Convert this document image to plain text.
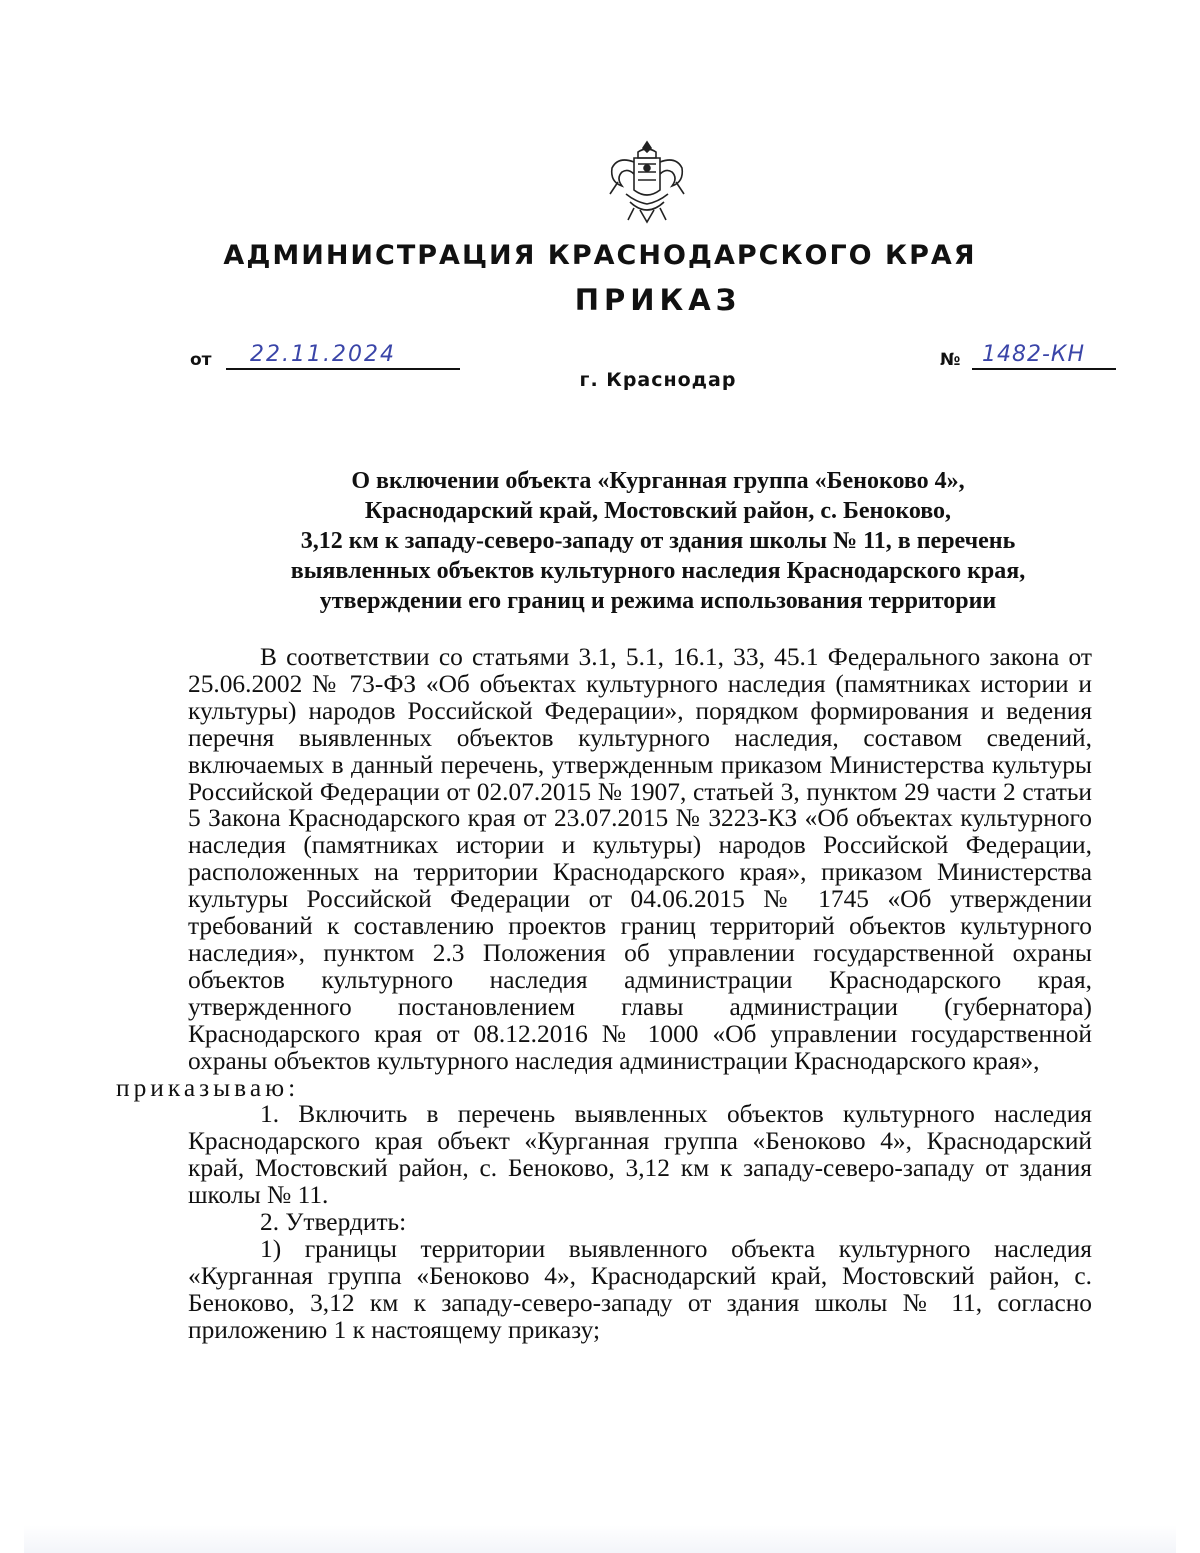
АДМИНИСТРАЦИЯ КРАСНОДАРСКОГО КРАЯ
ПРИКАЗ
от 22.11.2024	№ 1482-КН
г. Краснодар
О включении объекта «Курганная группа «Беноково 4»,
Краснодарский край, Мостовский район, с. Беноково,
3,12 км к западу-северо-западу от здания школы № 11, в перечень
выявленных объектов культурного наследия Краснодарского края,
утверждении его границ и режима использования территории

В соответствии со статьями 3.1, 5.1, 16.1, 33, 45.1 Федерального закона от 25.06.2002 № 73-ФЗ «Об объектах культурного наследия (памятниках истории и культуры) народов Российской Федерации», порядком формирования и ведения перечня выявленных объектов культурного наследия, составом сведений, включаемых в данный перечень, утвержденным приказом Министерства культуры Российской Федерации от 02.07.2015 № 1907, статьей 3, пунктом 29 части 2 статьи 5 Закона Краснодарского края от 23.07.2015 № 3223-КЗ «Об объектах культурного наследия (памятниках истории и культуры) народов Российской Федерации, расположенных на территории Краснодарского края», приказом Министерства культуры Российской Федерации от 04.06.2015 № 1745 «Об утверждении требований к составлению проектов границ территорий объектов культурного наследия», пунктом 2.3 Положения об управлении государственной охраны объектов культурного наследия администрации Краснодарского края, утвержденного постановлением главы администрации (губернатора) Краснодарского края от 08.12.2016 № 1000 «Об управлении государственной охраны объектов культурного наследия администрации Краснодарского края»,
приказываю:

1. Включить в перечень выявленных объектов культурного наследия Краснодарского края объект «Курганная группа «Беноково 4», Краснодарский край, Мостовский район, с. Беноково, 3,12 км к западу-северо-западу от здания школы № 11.

2. Утвердить:

1) границы территории выявленного объекта культурного наследия «Курганная группа «Беноково 4», Краснодарский край, Мостовский район, с. Беноково, 3,12 км к западу-северо-западу от здания школы № 11, согласно приложению 1 к настоящему приказу;
